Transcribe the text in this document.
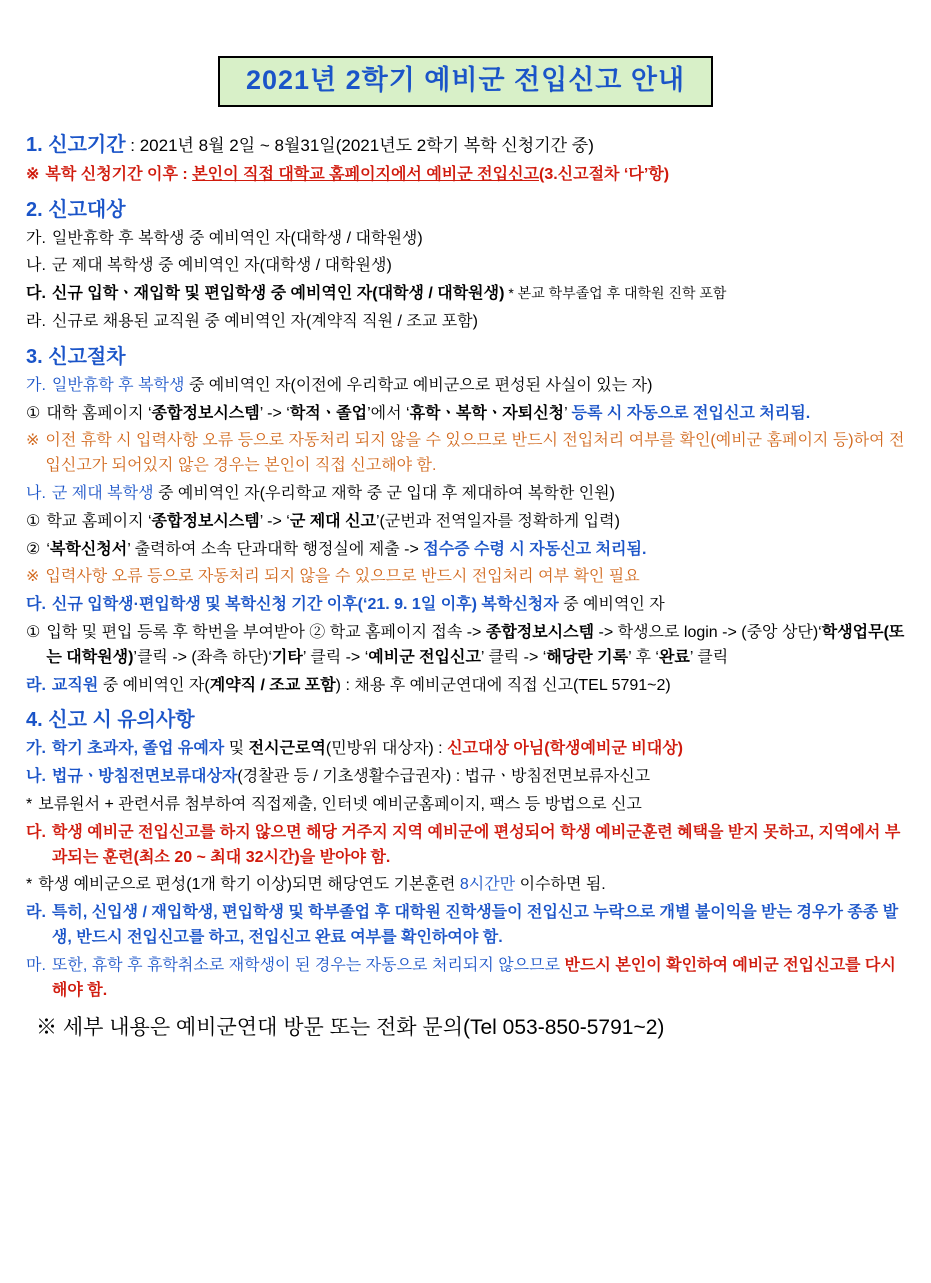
2021년 2학기 예비군 전입신고 안내
1. 신고기간 : 2021년 8월 2일 ~ 8월31일(2021년도 2학기 복학 신청기간 중)
※ 복학 신청기간 이후 : 본인이 직접 대학교 홈페이지에서 예비군 전입신고(3.신고절차 ‘다’항)
2. 신고대상
가. 일반휴학 후 복학생 중 예비역인 자(대학생 / 대학원생)
나. 군 제대 복학생 중 예비역인 자(대학생 / 대학원생)
다. 신규 입학ㆍ재입학 및 편입학생 중 예비역인 자(대학생 / 대학원생) * 본교 학부졸업 후 대학원 진학 포함
라. 신규로 채용된 교직원 중 예비역인 자(계약직 직원 / 조교 포함)
3. 신고절차
가. 일반휴학 후 복학생 중 예비역인 자(이전에 우리학교 예비군으로 편성된 사실이 있는 자)
① 대학 홈페이지 ‘종합정보시스템’ -> ‘학적ㆍ졸업’에서 ‘휴학ㆍ복학ㆍ자퇴신청’ 등록 시 자동으로 전입신고 처리됨.
※ 이전 휴학 시 입력사항 오류 등으로 자동처리 되지 않을 수 있으므로 반드시 전입처리 여부를 확인(예비군 홈페이지 등)하여 전입신고가 되어있지 않은 경우는 본인이 직접 신고해야 함.
나. 군 제대 복학생 중 예비역인 자(우리학교 재학 중 군 입대 후 제대하여 복학한 인원)
① 학교 홈페이지 ‘종합정보시스템’ -> ‘군 제대 신고’(군번과 전역일자를 정확하게 입력)
② ‘복학신청서’ 출력하여 소속 단과대학 행정실에 제출 -> 접수증 수령 시 자동신고 처리됨.
※ 입력사항 오류 등으로 자동처리 되지 않을 수 있으므로 반드시 전입처리 여부 확인 필요
다. 신규 입학생·편입학생 및 복학신청 기간 이후(‘21. 9. 1일 이후) 복학신청자 중 예비역인 자
① 입학 및 편입 등록 후 학번을 부여받아 ② 학교 홈페이지 접속 -> 종합정보시스템 -> 학생으로 login -> (중앙 상단)‘학생업무(또는 대학원생)’클릭 -> (좌측 하단)‘기타’ 클릭 -> ‘예비군 전입신고’ 클릭 -> ‘해당란 기록’ 후 ‘완료’ 클릭
라. 교직원 중 예비역인 자(계약직 / 조교 포함) : 채용 후 예비군연대에 직접 신고(TEL 5791~2)
4. 신고 시 유의사항
가. 학기 초과자, 졸업 유예자 및 전시근로역(민방위 대상자) : 신고대상 아님(학생예비군 비대상)
나. 법규ㆍ방침전면보류대상자(경찰관 등 / 기초생활수급권자) : 법규ㆍ방침전면보류자신고
* 보류원서 + 관련서류 첨부하여 직접제출, 인터넷 예비군홈페이지, 팩스 등 방법으로 신고
다. 학생 예비군 전입신고를 하지 않으면 해당 거주지 지역 예비군에 편성되어 학생 예비군훈련 혜택을 받지 못하고, 지역에서 부과되는 훈련(최소 20 ~ 최대 32시간)을 받아야 함.
* 학생 예비군으로 편성(1개 학기 이상)되면 해당연도 기본훈련 8시간만 이수하면 됨.
라. 특히, 신입생 / 재입학생, 편입학생 및 학부졸업 후 대학원 진학생들이 전입신고 누락으로 개별 불이익을 받는 경우가 종종 발생, 반드시 전입신고를 하고, 전입신고 완료 여부를 확인하여야 함.
마. 또한, 휴학 후 휴학취소로 재학생이 된 경우는 자동으로 처리되지 않으므로 반드시 본인이 확인하여 예비군 전입신고를 다시 해야 함.
※ 세부 내용은 예비군연대 방문 또는 전화 문의(Tel 053-850-5791~2)
